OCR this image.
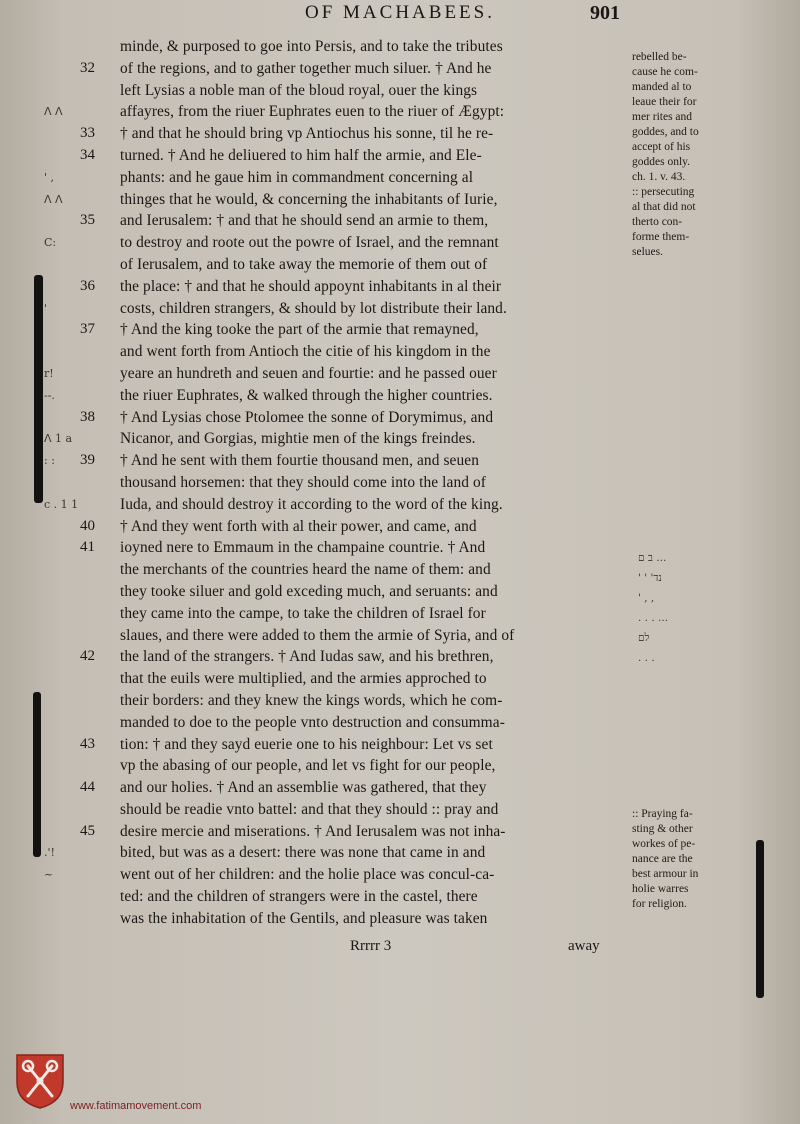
OF MACHABEES.	901
minde, & purposed to goe into Persis, and to take the tributes
32	of the regions, and to gather together much siluer. † And he
left Lysias a noble man of the bloud royal, ouer the kings
ᐱ ᐱ	affayres, from the riuer Euphrates euen to the riuer of Ægypt:
33	† and that he should bring vp Antiochus his sonne, til he re-
34	turned. † And he deliuered to him half the armie, and Ele-
' ,	phants: and he gaue him in commandment concerning al
ᐱ ᐱ	thinges that he would, & concerning the inhabitants of Iurie,
35	and Ierusalem: † and that he should send an armie to them,
C:	to destroy and roote out the powre of Israel, and the remnant
of Ierusalem, and to take away the memorie of them out of
36	the place: † and that he should appoynt inhabitants in al their
'	costs, children strangers, & should by lot distribute their land.
37	† And the king tooke the part of the armie that remayned,
and went forth from Antioch the citie of his kingdom in the
r!	yeare an hundreth and seuen and fourtie: and he passed ouer
--.	the riuer Euphrates, & walked through the higher countries.
38	† And Lysias chose Ptolomee the sonne of Dorymimus, and
ᐱ 1 a	Nicanor, and Gorgias, mightie men of the kings freindes.
: :	39	† And he sent with them fourtie thousand men, and seuen
thousand horsemen: that they should come into the land of
c . 1 1	Iuda, and should destroy it according to the word of the king.
40	† And they went forth with al their power, and came, and
41	ioyned nere to Emmaum in the champaine countrie. † And
the merchants of the countries heard the name of them: and
they tooke siluer and gold exceding much, and seruants: and
they came into the campe, to take the children of Israel for
slaues, and there were added to them the armie of Syria, and of
42	the land of the strangers. † And Iudas saw, and his brethren,
that the euils were multiplied, and the armies approched to
their borders: and they knew the kings words, which he com-
manded to doe to the people vnto destruction and consumma-
43	tion: † and they sayd euerie one to his neighbour: Let vs set
vp the abasing of our people, and let vs fight for our people,
44	and our holies. † And an assemblie was gathered, that they
should be readie vnto battel: and that they should :: pray and
45	desire mercie and miserations. † And Ierusalem was not inha-
.'!	bited, but was as a desert: there was none that came in and
~	went out of her children: and the holie place was concul-ca-
ted: and the children of strangers were in the castel, there
was the inhabitation of the Gentils, and pleasure was taken
rebelled be-
cause he com-
manded al to
leaue their for
mer rites and
goddes, and to
accept of his
goddes only.
ch. 1. v. 43.
:: persecuting
al that did not
therto con-
forme them-
selues.
ב ם ...
' ' 'נד
' , ,
. . . ...
לם
. . .
:: Praying fa-
sting & other
workes of pe-
nance are the
best armour in
holie warres
for religion.
Rrrrr 3	away
www.fatimamovement.com
